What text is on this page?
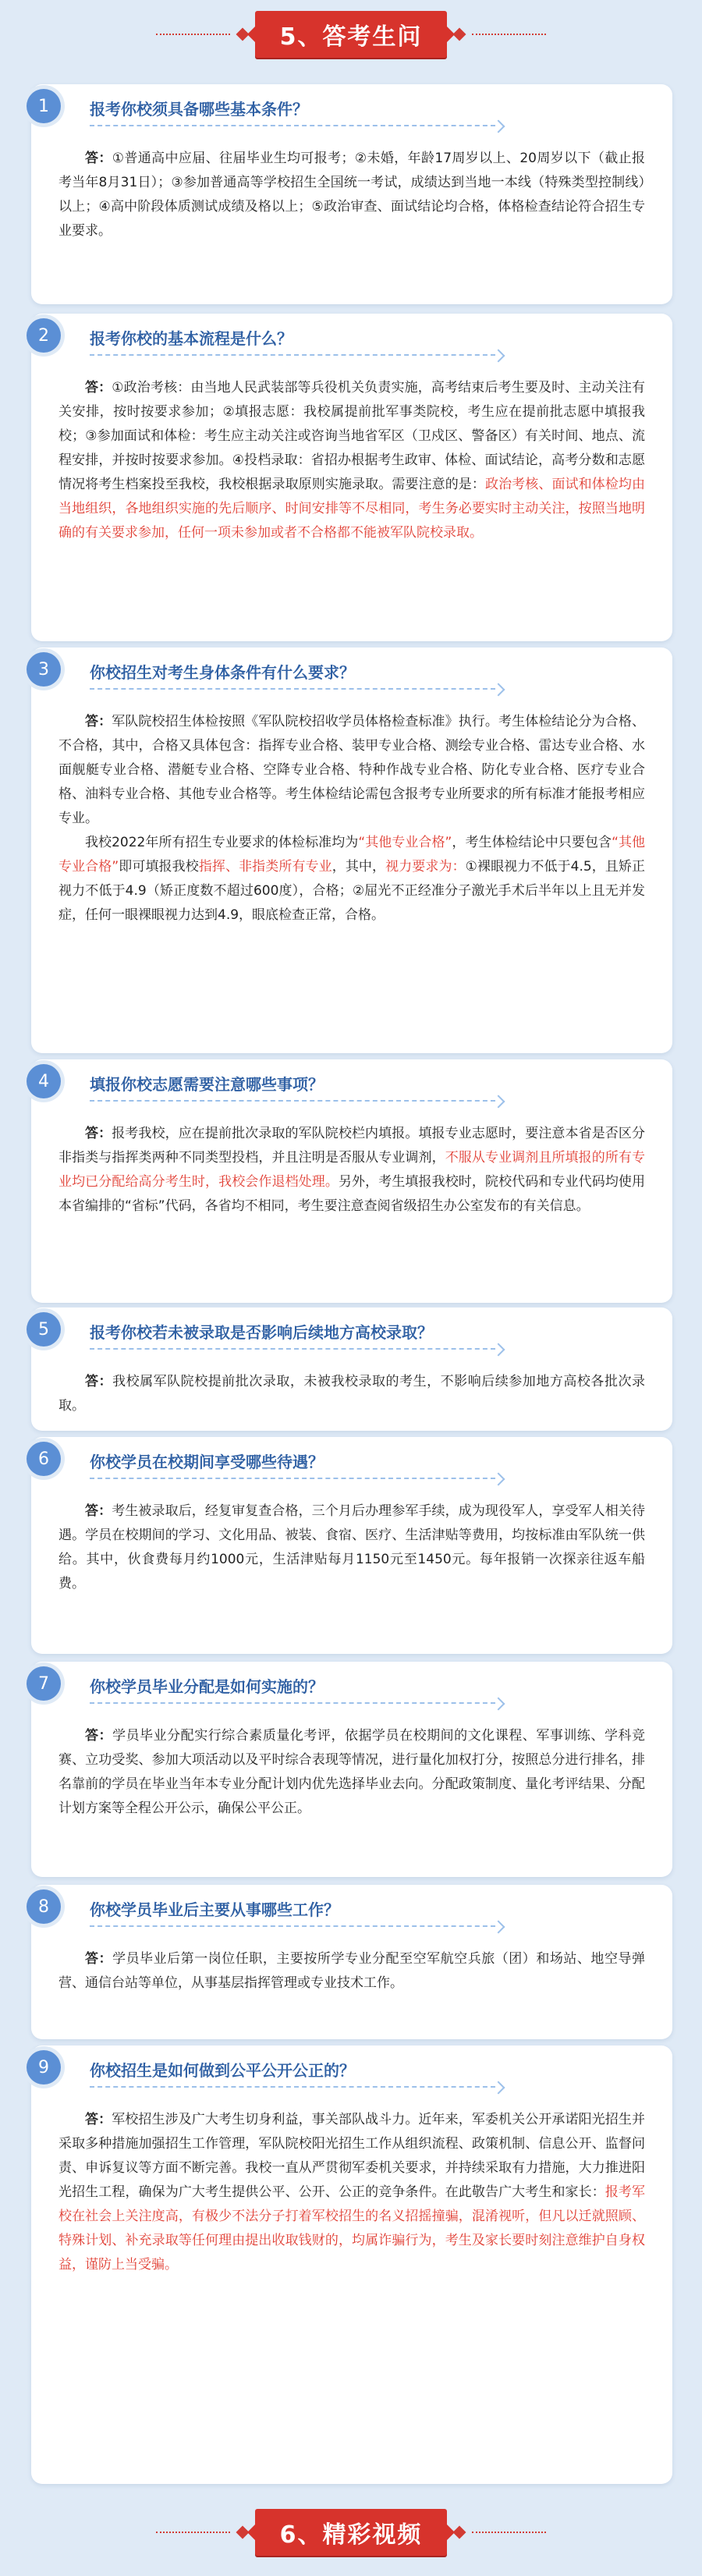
5、答考生问
1	报考你校须具备哪些基本条件？

答：①普通高中应届、往届毕业生均可报考；②未婚，年龄17周岁以上、20周岁以下（截止报考当年8月31日）；③参加普通高等学校招生全国统一考试，成绩达到当地一本线（特殊类型控制线）以上；④高中阶段体质测试成绩及格以上；⑤政治审查、面试结论均合格，体格检查结论符合招生专业要求。

2	报考你校的基本流程是什么？

答：①政治考核：由当地人民武装部等兵役机关负责实施，高考结束后考生要及时、主动关注有关安排，按时按要求参加；②填报志愿：我校属提前批军事类院校，考生应在提前批志愿中填报我校；③参加面试和体检：考生应主动关注或咨询当地省军区（卫戍区、警备区）有关时间、地点、流程安排，并按时按要求参加。④投档录取：省招办根据考生政审、体检、面试结论，高考分数和志愿情况将考生档案投至我校，我校根据录取原则实施录取。需要注意的是：政治考核、面试和体检均由当地组织，各地组织实施的先后顺序、时间安排等不尽相同，考生务必要实时主动关注，按照当地明确的有关要求参加，任何一项未参加或者不合格都不能被军队院校录取。

3	你校招生对考生身体条件有什么要求？

答：军队院校招生体检按照《军队院校招收学员体格检查标准》执行。考生体检结论分为合格、不合格，其中，合格又具体包含：指挥专业合格、装甲专业合格、测绘专业合格、雷达专业合格、水面舰艇专业合格、潜艇专业合格、空降专业合格、特种作战专业合格、防化专业合格、医疗专业合格、油料专业合格、其他专业合格等。考生体检结论需包含报考专业所要求的所有标准才能报考相应专业。

我校2022年所有招生专业要求的体检标准均为“其他专业合格”，考生体检结论中只要包含“其他专业合格”即可填报我校指挥、非指类所有专业，其中，视力要求为：①裸眼视力不低于4.5，且矫正视力不低于4.9（矫正度数不超过600度），合格；②屈光不正经准分子激光手术后半年以上且无并发症，任何一眼裸眼视力达到4.9，眼底检查正常，合格。

4	填报你校志愿需要注意哪些事项？

答：报考我校，应在提前批次录取的军队院校栏内填报。填报专业志愿时，要注意本省是否区分非指类与指挥类两种不同类型投档，并且注明是否服从专业调剂，不服从专业调剂且所填报的所有专业均已分配给高分考生时，我校会作退档处理。另外，考生填报我校时，院校代码和专业代码均使用本省编排的“省标”代码，各省均不相同，考生要注意查阅省级招生办公室发布的有关信息。

5	报考你校若未被录取是否影响后续地方高校录取？

答：我校属军队院校提前批次录取，未被我校录取的考生，不影响后续参加地方高校各批次录取。

6	你校学员在校期间享受哪些待遇？

答：考生被录取后，经复审复查合格，三个月后办理参军手续，成为现役军人，享受军人相关待遇。学员在校期间的学习、文化用品、被装、食宿、医疗、生活津贴等费用，均按标准由军队统一供给。其中，伙食费每月约1000元，生活津贴每月1150元至1450元。每年报销一次探亲往返车船费。

7	你校学员毕业分配是如何实施的？

答：学员毕业分配实行综合素质量化考评，依据学员在校期间的文化课程、军事训练、学科竞赛、立功受奖、参加大项活动以及平时综合表现等情况，进行量化加权打分，按照总分进行排名，排名靠前的学员在毕业当年本专业分配计划内优先选择毕业去向。分配政策制度、量化考评结果、分配计划方案等全程公开公示，确保公平公正。

8	你校学员毕业后主要从事哪些工作？

答：学员毕业后第一岗位任职，主要按所学专业分配至空军航空兵旅（团）和场站、地空导弹营、通信台站等单位，从事基层指挥管理或专业技术工作。

9	你校招生是如何做到公平公开公正的？

答：军校招生涉及广大考生切身利益，事关部队战斗力。近年来，军委机关公开承诺阳光招生并采取多种措施加强招生工作管理，军队院校阳光招生工作从组织流程、政策机制、信息公开、监督问责、申诉复议等方面不断完善。我校一直从严贯彻军委机关要求，并持续采取有力措施，大力推进阳光招生工程，确保为广大考生提供公平、公开、公正的竞争条件。在此敬告广大考生和家长：报考军校在社会上关注度高，有极少不法分子打着军校招生的名义招摇撞骗，混淆视听，但凡以迁就照顾、特殊计划、补充录取等任何理由提出收取钱财的，均属诈骗行为，考生及家长要时刻注意维护自身权益，谨防上当受骗。

6、精彩视频
